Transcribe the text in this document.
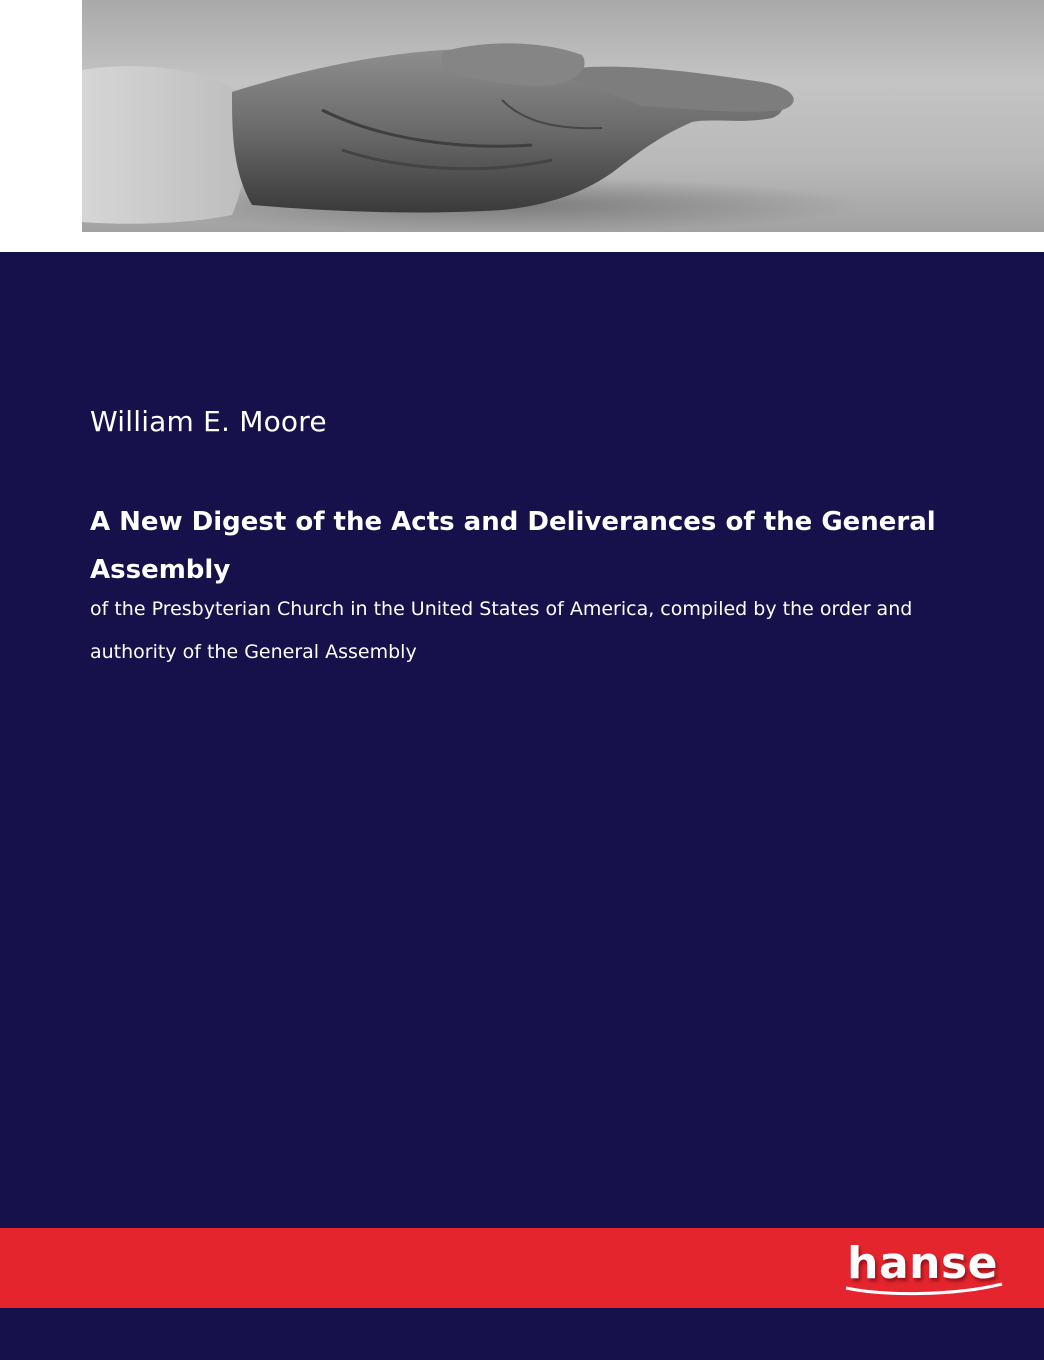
William E. Moore
A New Digest of the Acts and Deliverances of the General Assembly
of the Presbyterian Church in the United States of America, compiled by the order and authority of the General Assembly
hanse
